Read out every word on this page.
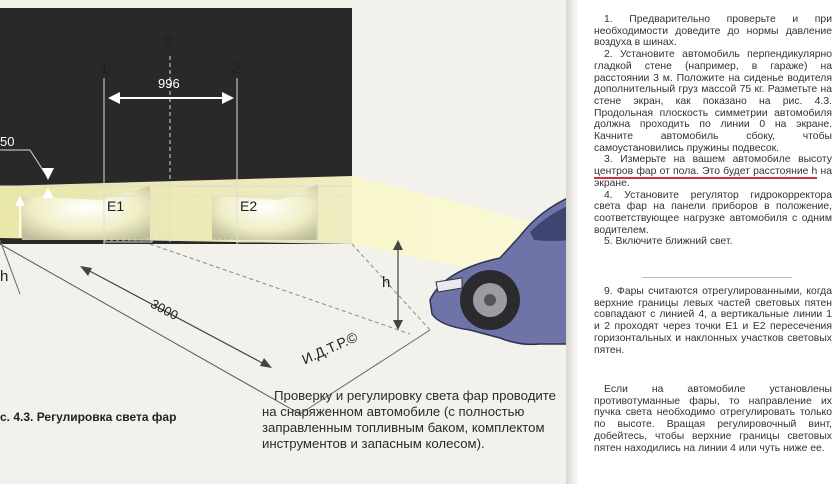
0
1	2
996
50
E1	E2
h
h
3000
И.Д.Т.Р.©
с. 4.3. Регулировка света фар
Проверку и регулировку света фар проводите на снаряженном автомобиле (с полностью заправленным топливным баком, комплектом инструментов и запасным колесом).

1. Предварительно проверьте и при необходимости доведите до нормы давление воздуха в шинах.

2. Установите автомобиль перпендикулярно гладкой стене (например, в гараже) на расстоянии 3 м. Положите на сиденье водителя дополнительный груз массой 75 кг. Разметьте на стене экран, как показано на рис. 4.3. Продольная плоскость симметрии автомобиля должна проходить по линии 0 на экране. Качните автомобиль сбоку, чтобы самоустановились пружины подвесок.

3. Измерьте на вашем автомобиле высоту центров фар от пола. Это будет расстояние h на экране.

4. Установите регулятор гидрокорректора света фар на панели приборов в положение, соответствующее нагрузке автомобиля с одним водителем.

5. Включите ближний свет.

9. Фары считаются отрегулированными, когда верхние границы левых частей световых пятен совпадают с линией 4, а вертикальные линии 1 и 2 проходят через точки E1 и E2 пересечения горизонтальных и наклонных участков световых пятен.

Если на автомобиле установлены противотуманные фары, то направление их пучка света необходимо отрегулировать только по высоте. Вращая регулировочный винт, добейтесь, чтобы верхние границы световых пятен находились на линии 4 или чуть ниже ее.
